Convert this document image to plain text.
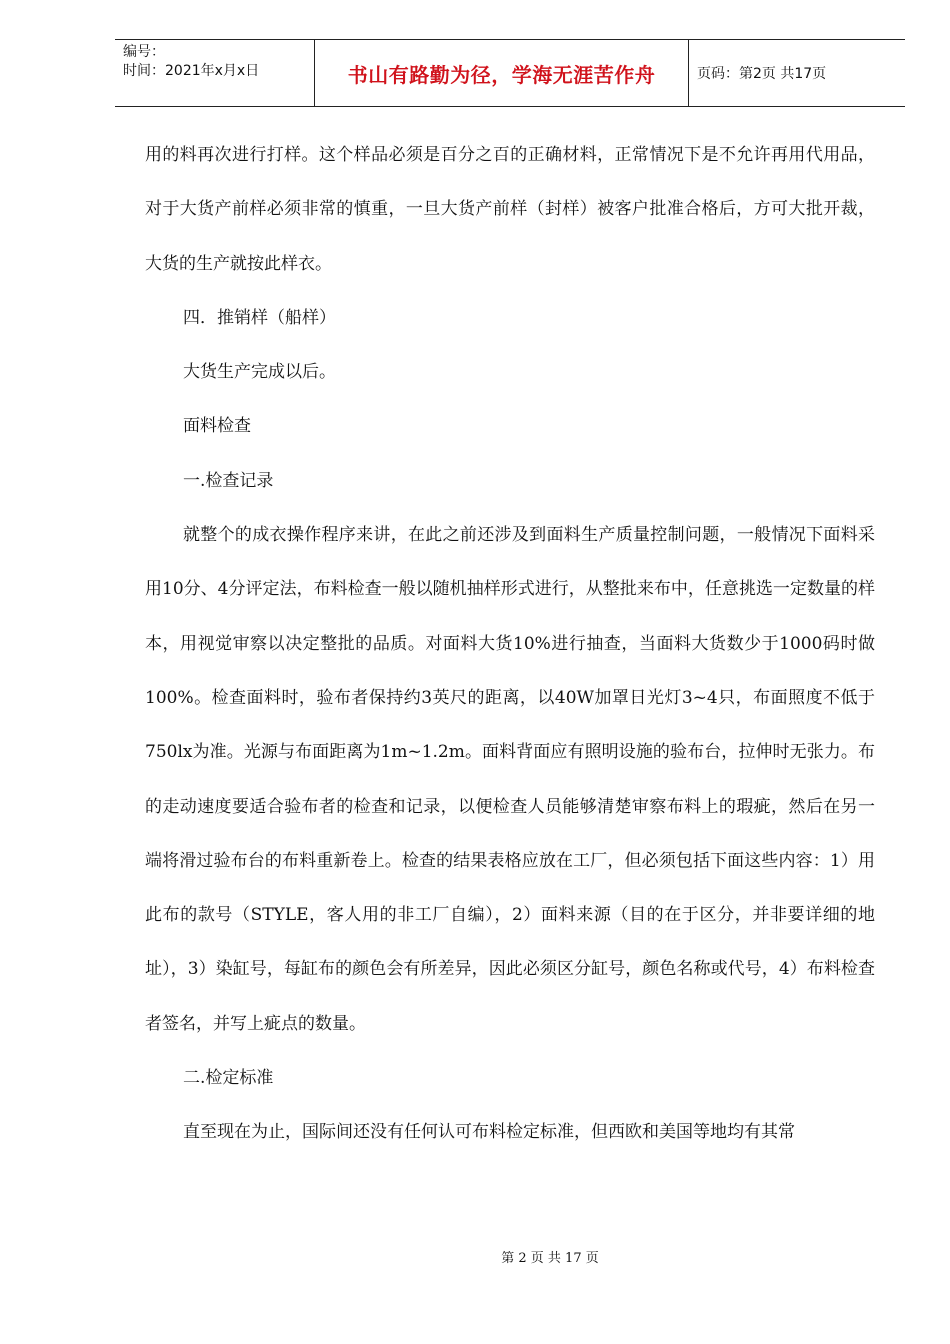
编号：
时间：2021年x月x日	书山有路勤为径，学海无涯苦作舟	页码：第2页 共17页

用的料再次进行打样。这个样品必须是百分之百的正确材料，正常情况下是不允许再用代用品，对于大货产前样必须非常的慎重，一旦大货产前样（封样）被客户批准合格后，方可大批开裁，大货的生产就按此样衣。

四．推销样（船样）

大货生产完成以后。

面料检查

一.检查记录

就整个的成衣操作程序来讲，在此之前还涉及到面料生产质量控制问题，一般情况下面料采用10分、4分评定法，布料检查一般以随机抽样形式进行，从整批来布中，任意挑选一定数量的样本，用视觉审察以决定整批的品质。对面料大货10%进行抽查，当面料大货数少于1000码时做100%。检查面料时，验布者保持约3英尺的距离，以40W加罩日光灯3~4只，布面照度不低于750lx为准。光源与布面距离为1m~1.2m。面料背面应有照明设施的验布台，拉伸时无张力。布的走动速度要适合验布者的检查和记录，以便检查人员能够清楚审察布料上的瑕疵，然后在另一端将滑过验布台的布料重新卷上。检查的结果表格应放在工厂，但必须包括下面这些内容：1）用此布的款号（STYLE，客人用的非工厂自编），2）面料来源（目的在于区分，并非要详细的地址），3）染缸号，每缸布的颜色会有所差异，因此必须区分缸号，颜色名称或代号，4）布料检查者签名，并写上疵点的数量。

二.检定标准

直至现在为止，国际间还没有任何认可布料检定标准，但西欧和美国等地均有其常

第 2 页 共 17 页
